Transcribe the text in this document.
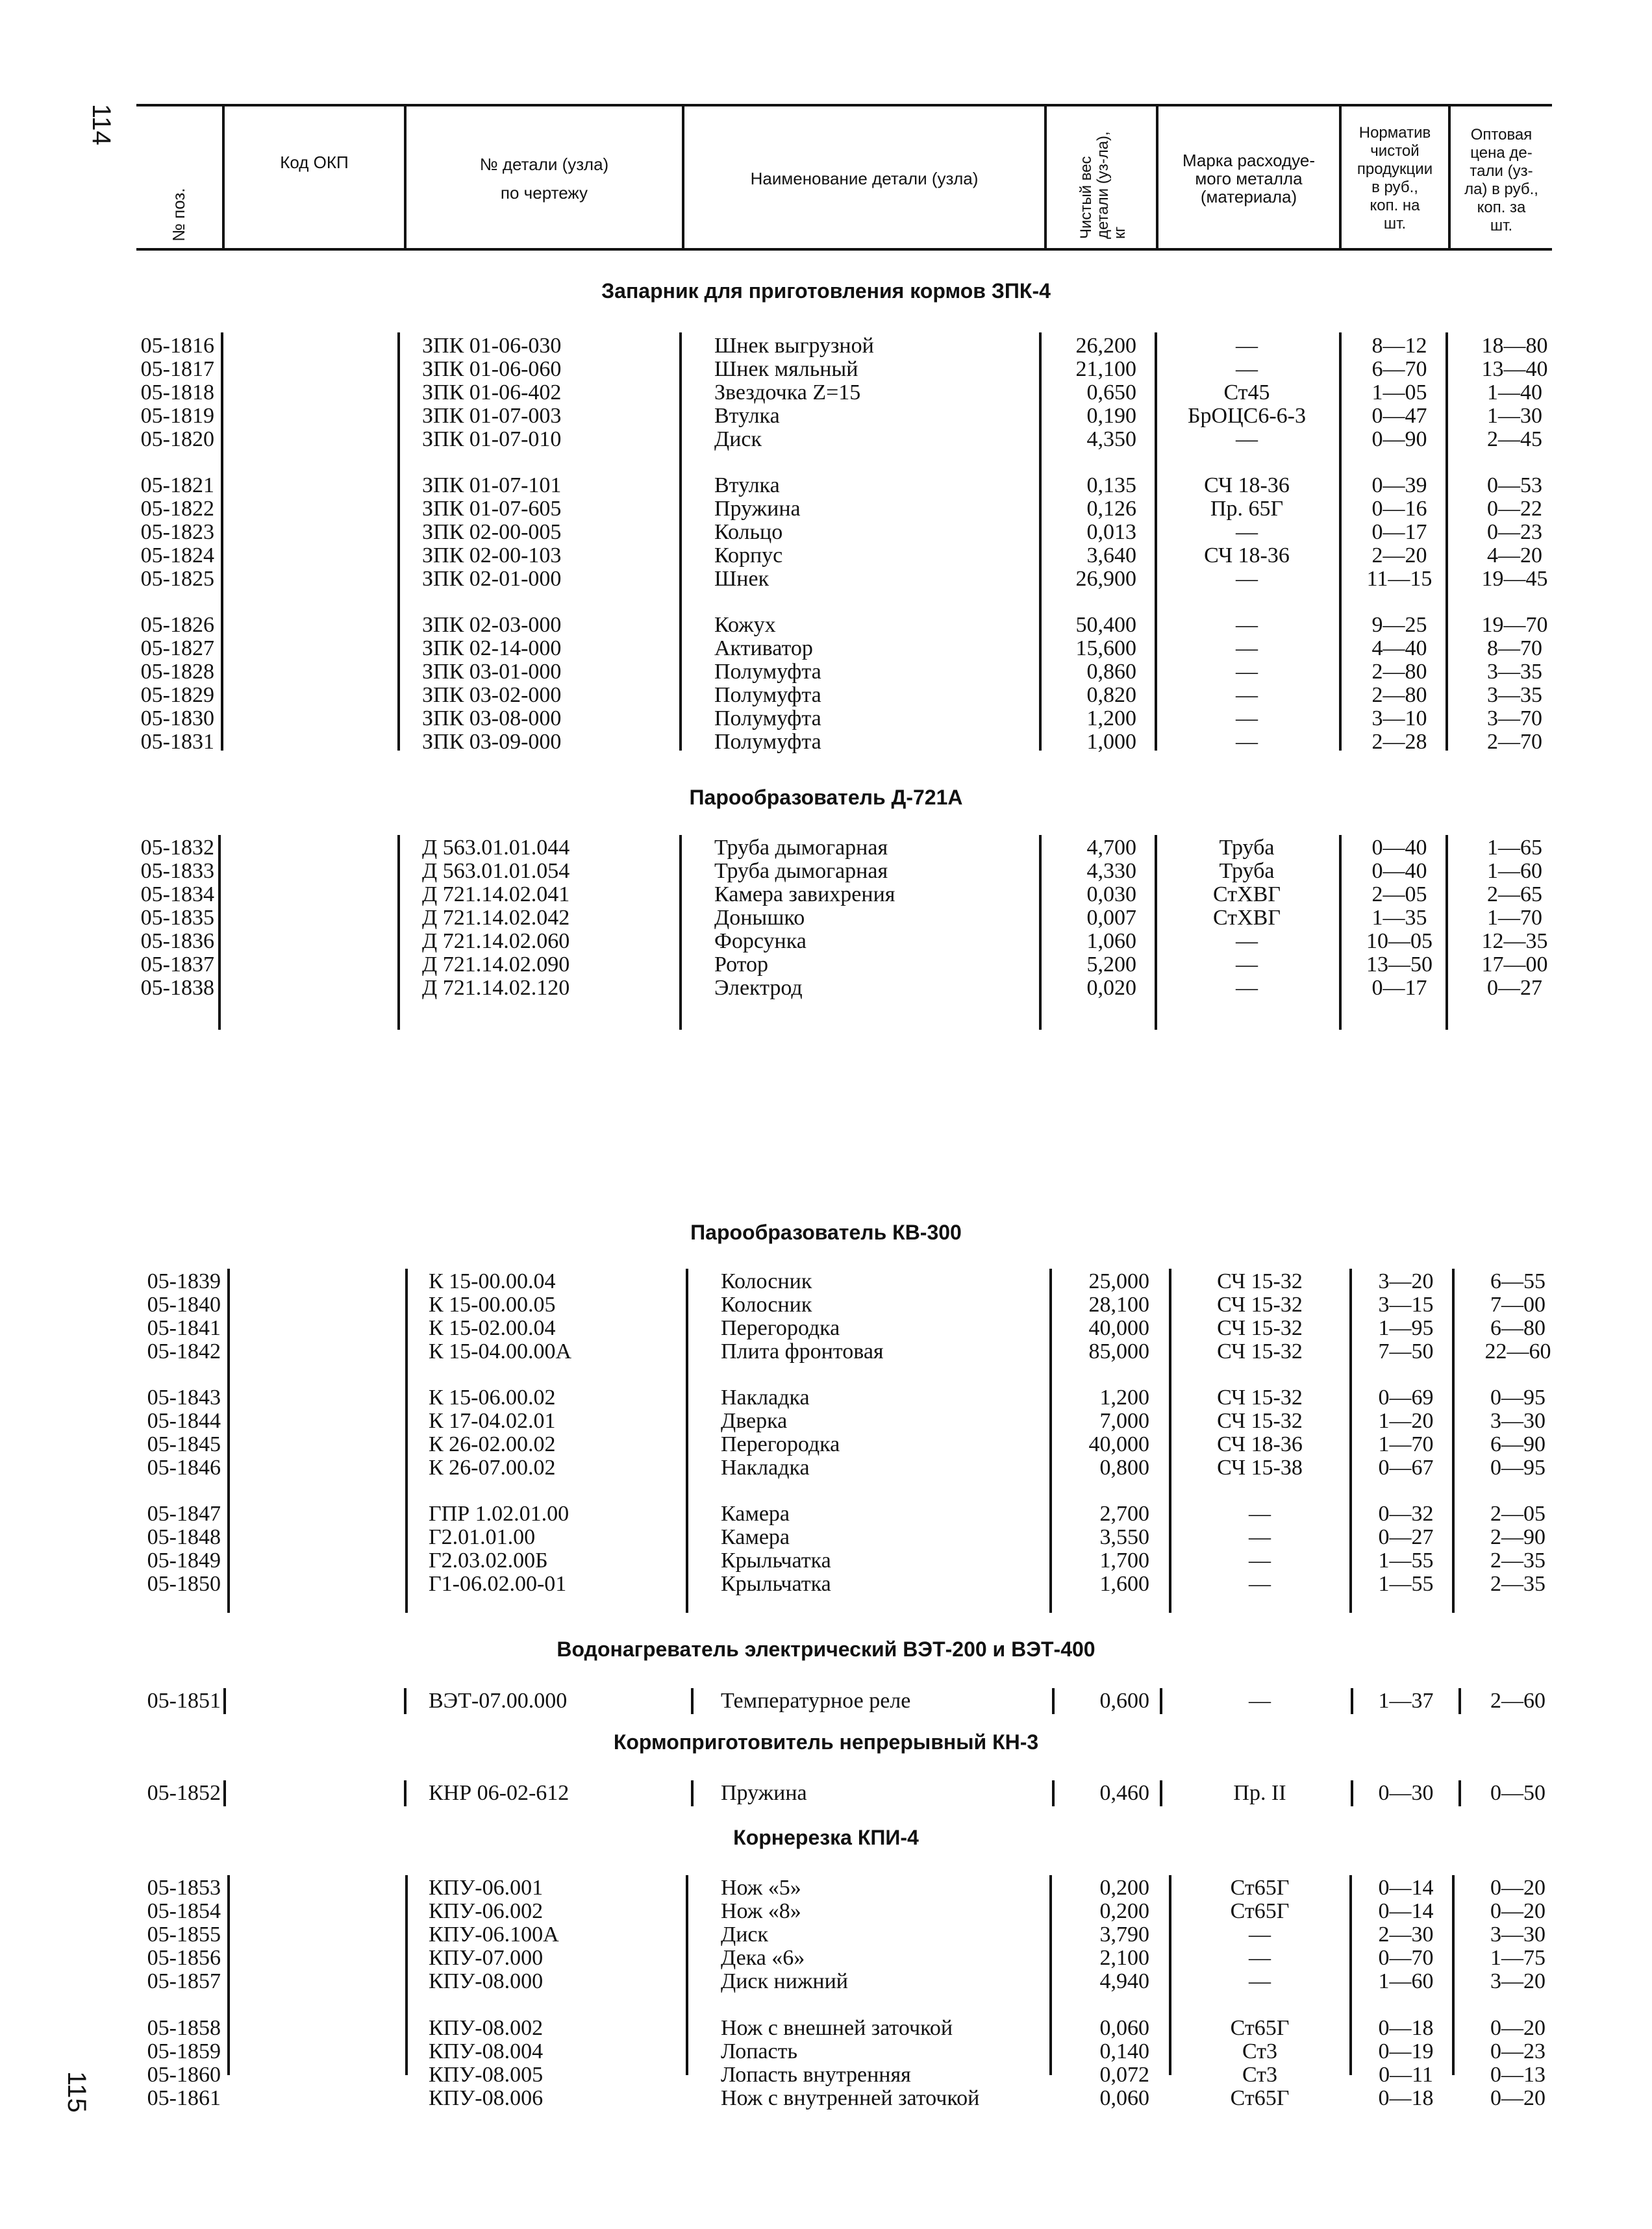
114
115
№ поз.
Код ОКП	№ детали (узла)
по чертежу
Наименование детали (узла)	Чистый вес детали (уз-ла), кг
Марка расходуе-
мого металла
(материала)
Норматив
чистой
продукции
в руб.,
коп. на
шт.
Оптовая
цена де-
тали (уз-
ла) в руб.,
коп. за
шт.
Запарник для приготовления кормов ЗПК-4
Парообразователь Д-721А
Парообразователь КВ-300
Водонагреватель электрический ВЭТ-200 и ВЭТ-400
Кормоприготовитель непрерывный КН-3
Корнерезка КПИ-4
05-1816	ЗПК 01-06-030	Шнек выгрузной	26,200	—	8—12	18—80
05-1817	ЗПК 01-06-060	Шнек мяльный	21,100	—	6—70	13—40
05-1818	ЗПК 01-06-402	Звездочка Z=15	0,650	Ст45	1—05	1—40
05-1819	ЗПК 01-07-003	Втулка	0,190	БрОЦС6-6-3	0—47	1—30
05-1820	ЗПК 01-07-010	Диск	4,350	—	0—90	2—45
05-1821	ЗПК 01-07-101	Втулка	0,135	СЧ 18-36	0—39	0—53
05-1822	ЗПК 01-07-605	Пружина	0,126	Пр. 65Г	0—16	0—22
05-1823	ЗПК 02-00-005	Кольцо	0,013	—	0—17	0—23
05-1824	ЗПК 02-00-103	Корпус	3,640	СЧ 18-36	2—20	4—20
05-1825	ЗПК 02-01-000	Шнек	26,900	—	11—15	19—45
05-1826	ЗПК 02-03-000	Кожух	50,400	—	9—25	19—70
05-1827	ЗПК 02-14-000	Активатор	15,600	—	4—40	8—70
05-1828	ЗПК 03-01-000	Полумуфта	0,860	—	2—80	3—35
05-1829	ЗПК 03-02-000	Полумуфта	0,820	—	2—80	3—35
05-1830	ЗПК 03-08-000	Полумуфта	1,200	—	3—10	3—70
05-1831	ЗПК 03-09-000	Полумуфта	1,000	—	2—28	2—70
05-1832	Д 563.01.01.044	Труба дымогарная	4,700	Труба	0—40	1—65
05-1833	Д 563.01.01.054	Труба дымогарная	4,330	Труба	0—40	1—60
05-1834	Д 721.14.02.041	Камера завихрения	0,030	СтХВГ	2—05	2—65
05-1835	Д 721.14.02.042	Донышко	0,007	СтХВГ	1—35	1—70
05-1836	Д 721.14.02.060	Форсунка	1,060	—	10—05	12—35
05-1837	Д 721.14.02.090	Ротор	5,200	—	13—50	17—00
05-1838	Д 721.14.02.120	Электрод	0,020	—	0—17	0—27
05-1839	К 15-00.00.04	Колосник	25,000	СЧ 15-32	3—20	6—55
05-1840	К 15-00.00.05	Колосник	28,100	СЧ 15-32	3—15	7—00
05-1841	К 15-02.00.04	Перегородка	40,000	СЧ 15-32	1—95	6—80
05-1842	К 15-04.00.00А	Плита фронтовая	85,000	СЧ 15-32	7—50	22—60
05-1843	К 15-06.00.02	Накладка	1,200	СЧ 15-32	0—69	0—95
05-1844	К 17-04.02.01	Дверка	7,000	СЧ 15-32	1—20	3—30
05-1845	К 26-02.00.02	Перегородка	40,000	СЧ 18-36	1—70	6—90
05-1846	К 26-07.00.02	Накладка	0,800	СЧ 15-38	0—67	0—95
05-1847	ГПР 1.02.01.00	Камера	2,700	—	0—32	2—05
05-1848	Г2.01.01.00	Камера	3,550	—	0—27	2—90
05-1849	Г2.03.02.00Б	Крыльчатка	1,700	—	1—55	2—35
05-1850	Г1-06.02.00-01	Крыльчатка	1,600	—	1—55	2—35
05-1851	ВЭТ-07.00.000	Температурное реле	0,600	—	1—37	2—60
05-1852	КНР 06-02-612	Пружина	0,460	Пр. II	0—30	0—50
05-1853	КПУ-06.001	Нож «5»	0,200	Ст65Г	0—14	0—20
05-1854	КПУ-06.002	Нож «8»	0,200	Ст65Г	0—14	0—20
05-1855	КПУ-06.100А	Диск	3,790	—	2—30	3—30
05-1856	КПУ-07.000	Дека «6»	2,100	—	0—70	1—75
05-1857	КПУ-08.000	Диск нижний	4,940	—	1—60	3—20
05-1858	КПУ-08.002	Нож с внешней заточкой	0,060	Ст65Г	0—18	0—20
05-1859	КПУ-08.004	Лопасть	0,140	Ст3	0—19	0—23
05-1860	КПУ-08.005	Лопасть внутренняя	0,072	Ст3	0—11	0—13
05-1861	КПУ-08.006	Нож с внутренней заточкой	0,060	Ст65Г	0—18	0—20
